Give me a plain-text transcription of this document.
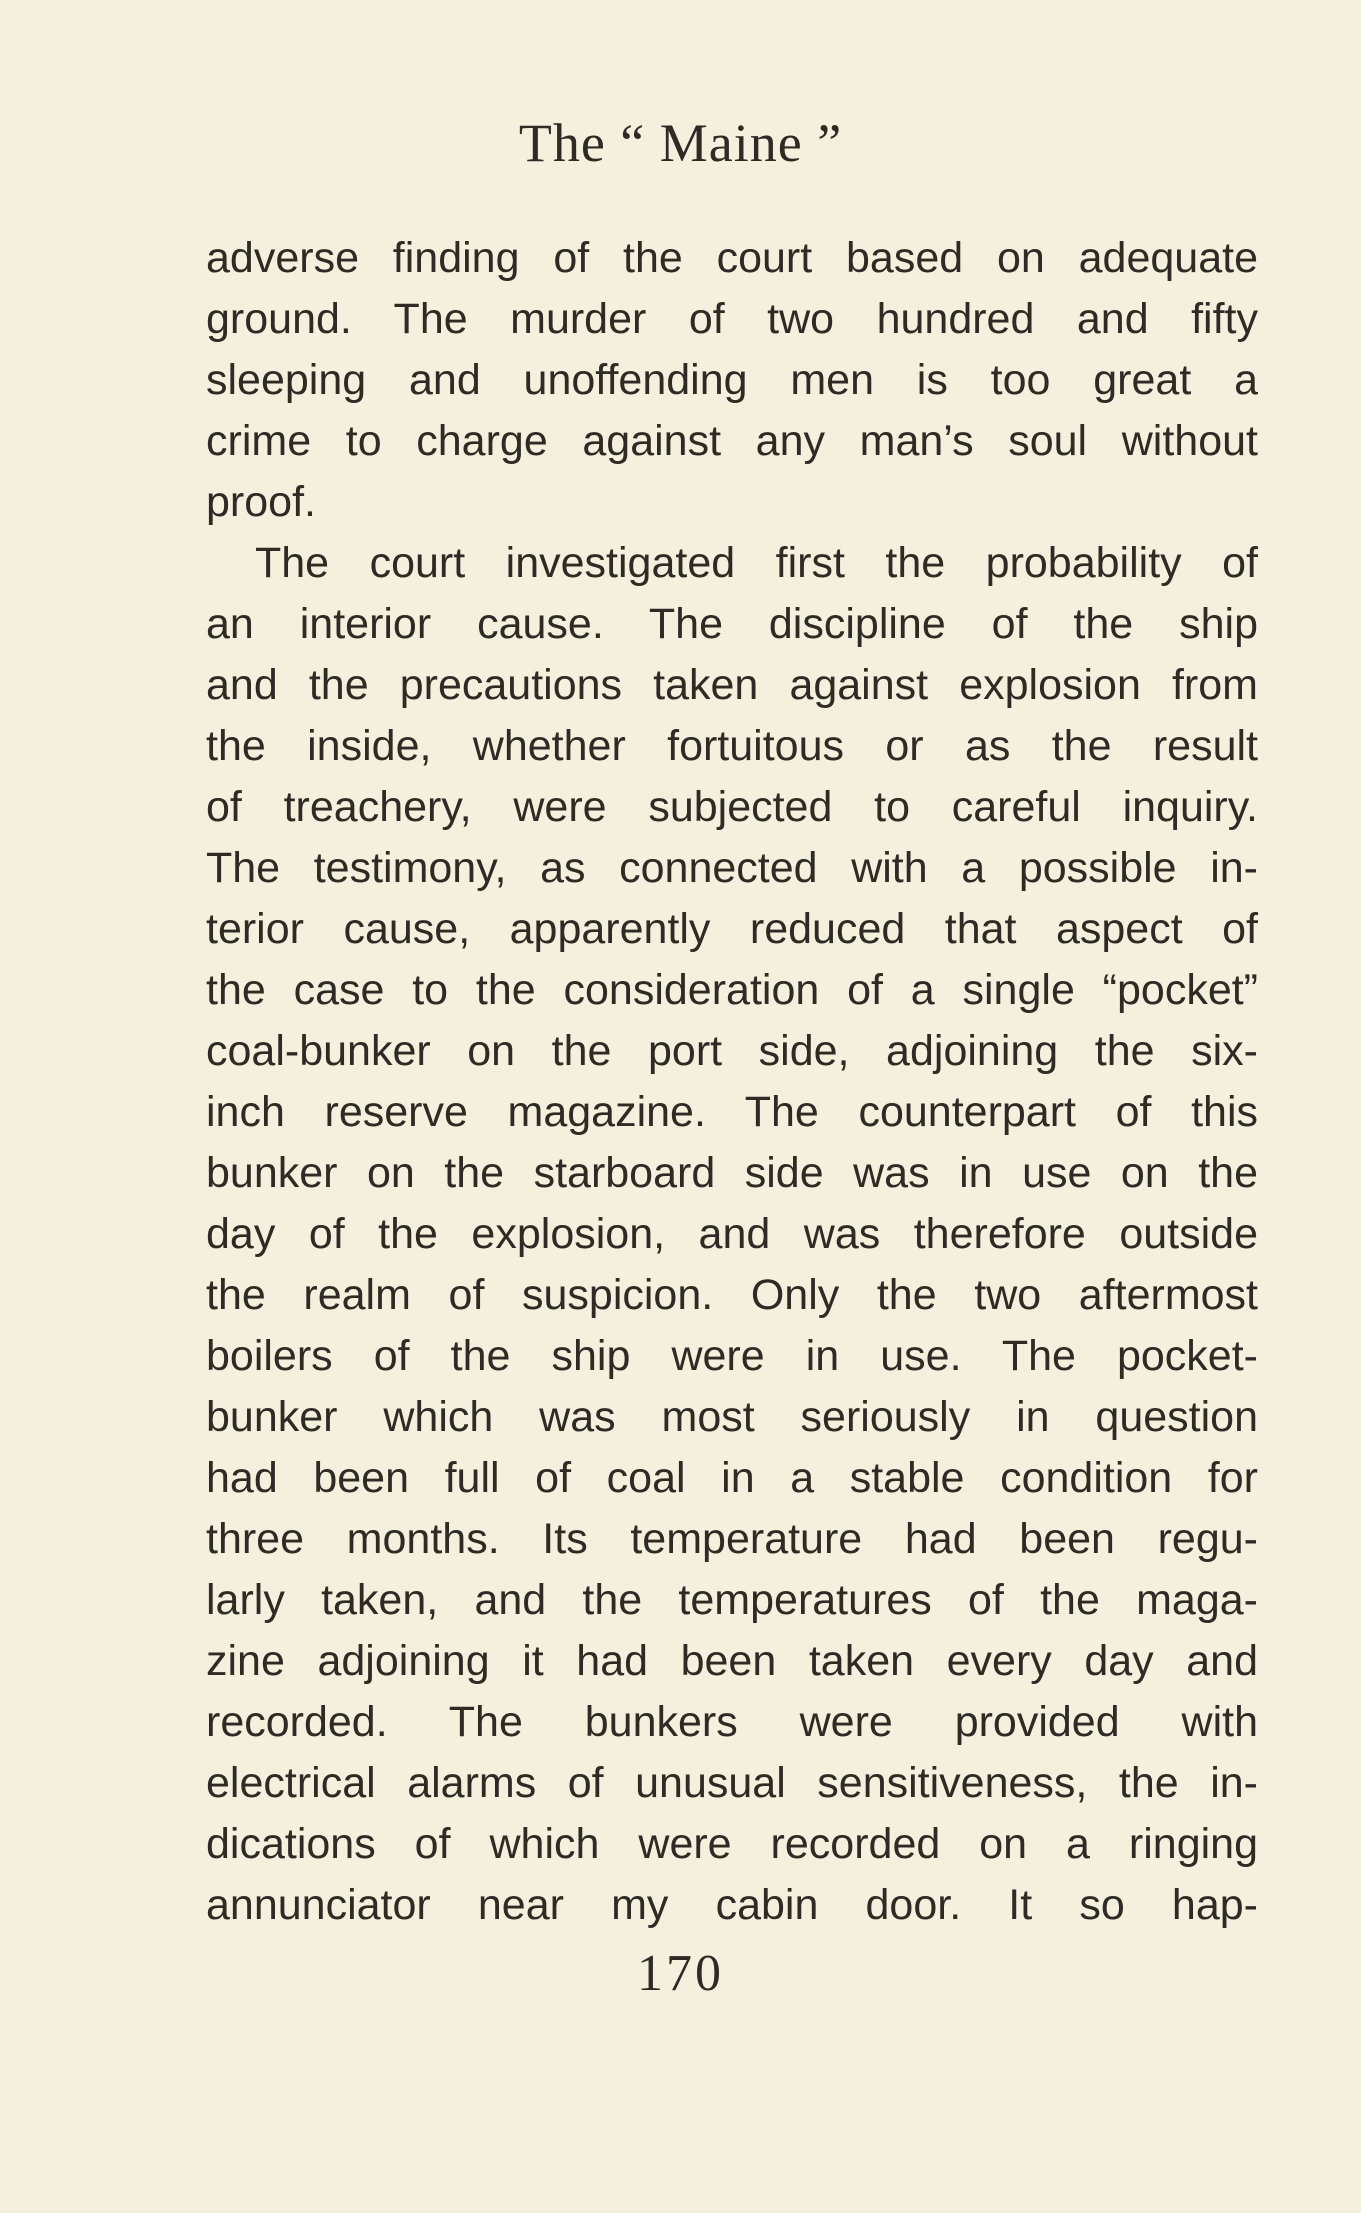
The “ Maine ”
adverse finding of the court based on adequate
ground. The murder of two hundred and fifty
sleeping and unoffending men is too great a
crime to charge against any man’s soul without
proof.
The court investigated first the probability of
an interior cause. The discipline of the ship
and the precautions taken against explosion from
the inside, whether fortuitous or as the result
of treachery, were subjected to careful inquiry.
The testimony, as connected with a possible in-
terior cause, apparently reduced that aspect of
the case to the consideration of a single “pocket”
coal-bunker on the port side, adjoining the six-
inch reserve magazine. The counterpart of this
bunker on the starboard side was in use on the
day of the explosion, and was therefore outside
the realm of suspicion. Only the two aftermost
boilers of the ship were in use. The pocket-
bunker which was most seriously in question
had been full of coal in a stable condition for
three months. Its temperature had been regu-
larly taken, and the temperatures of the maga-
zine adjoining it had been taken every day and
recorded. The bunkers were provided with
electrical alarms of unusual sensitiveness, the in-
dications of which were recorded on a ringing
annunciator near my cabin door. It so hap-
170
